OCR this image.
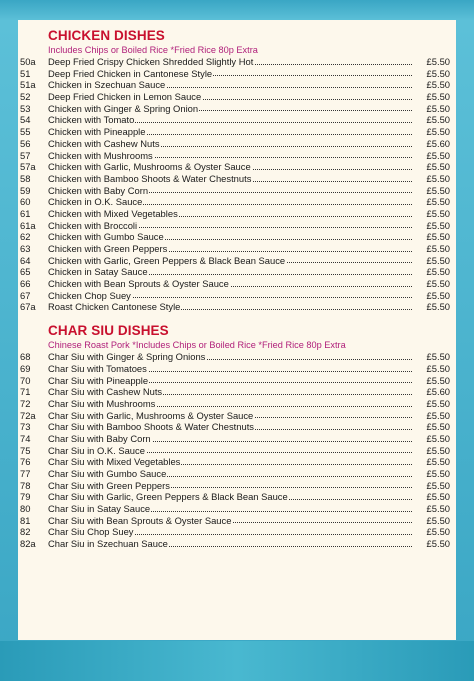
CHICKEN DISHES
Includes Chips or Boiled Rice *Fried Rice 80p Extra
50a Deep Fried Crispy Chicken Shredded Slightly Hot	£5.50
51 Deep Fried Chicken in Cantonese Style	£5.50
51a Chicken in Szechuan Sauce	£5.50
52 Deep Fried Chicken in Lemon Sauce	£5.50
53 Chicken with Ginger & Spring Onion	£5.50
54 Chicken with Tomato	£5.50
55 Chicken with Pineapple	£5.50
56 Chicken with Cashew Nuts	£5.60
57 Chicken with Mushrooms	£5.50
57a Chicken with Garlic, Mushrooms & Oyster Sauce	£5.50
58 Chicken with Bamboo Shoots & Water Chestnuts	£5.50
59 Chicken with Baby Corn	£5.50
60 Chicken in O.K. Sauce	£5.50
61 Chicken with Mixed Vegetables	£5.50
61a Chicken with Broccoli	£5.50
62 Chicken with Gumbo Sauce	£5.50
63 Chicken with Green Peppers	£5.50
64 Chicken with Garlic, Green Peppers & Black Bean Sauce	£5.50
65 Chicken in Satay Sauce	£5.50
66 Chicken with Bean Sprouts & Oyster Sauce	£5.50
67 Chicken Chop Suey	£5.50
67a Roast Chicken Cantonese Style	£5.50
CHAR SIU DISHES
Chinese Roast Pork *Includes Chips or Boiled Rice *Fried Rice 80p Extra
68 Char Siu with Ginger & Spring Onions	£5.50
69 Char Siu with Tomatoes	£5.50
70 Char Siu with Pineapple	£5.50
71 Char Siu with Cashew Nuts	£5.60
72 Char Siu with Mushrooms	£5.50
72a Char Siu with Garlic, Mushrooms & Oyster Sauce	£5.50
73 Char Siu with Bamboo Shoots & Water Chestnuts	£5.50
74 Char Siu with Baby Corn	£5.50
75 Char Siu in O.K. Sauce	£5.50
76 Char Siu with Mixed Vegetables	£5.50
77 Char Siu with Gumbo Sauce	£5.50
78 Char Siu with Green Peppers	£5.50
79 Char Siu with Garlic, Green Peppers & Black Bean Sauce	£5.50
80 Char Siu in Satay Sauce	£5.50
81 Char Siu with Bean Sprouts & Oyster Sauce	£5.50
82 Char Siu Chop Suey	£5.50
82a Char Siu in Szechuan Sauce	£5.50
